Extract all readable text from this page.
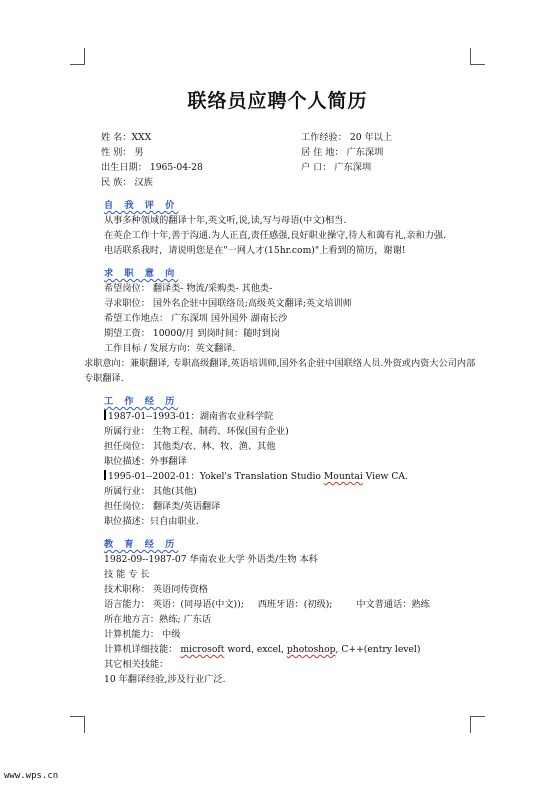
联络员应聘个人简历
姓 名：XXX	工作经验： 20 年以上
性 别： 男	居 住 地： 广东深圳
出生日期： 1965-04-28	户 口： 广东深圳
民 族： 汉族
自 我 评 价
从事多种领域的翻译十年,英文听,说,读,写与母语(中文)相当.
在英企工作十年,善于沟通.为人正直,责任感强,良好职业操守,待人和蔼有礼,亲和力强.
电话联系我时，请说明您是在"一网人才(15hr.com)"上看到的简历，谢谢!
求 职 意 向
希望岗位： 翻译类- 物流/采购类- 其他类-
寻求职位： 国外名企驻中国联络员;高级英文翻译;英文培训师
希望工作地点： 广东深圳 国外国外 湖南长沙
期望工资： 10000/月 到岗时间：随时到岗
工作目标 / 发展方向：英文翻译.
求职意向：兼职翻译, 专职高级翻译,英语培训师,国外名企驻中国联络人员.外资或内资大公司内部专职翻译.
工 作 经 历
1987-01--1993-01：湖南省农业科学院
所属行业： 生物工程、制药、环保(国有企业)
担任岗位： 其他类/农、林、牧、渔、其他
职位描述：外事翻译
1995-01--2002-01：Yokel's Translation Studio Mountai View CA.
所属行业： 其他(其他)
担任岗位： 翻译类/英语翻译
职位描述：只自由职业.
教 育 经 历
1982-09--1987-07 华南农业大学 外语类/生物 本科
技 能 专 长
技术职称： 英语同传资格
语言能力： 英语：(同母语(中文)); 西班牙语：(初级);	中文普通话：熟练
所在地方言：熟练; 广东话
计算机能力： 中级
计算机详细技能： microsoft word, excel, photoshop, C++(entry level)
其它相关技能：
10 年翻译经验,涉及行业广泛.
www.wps.cn
